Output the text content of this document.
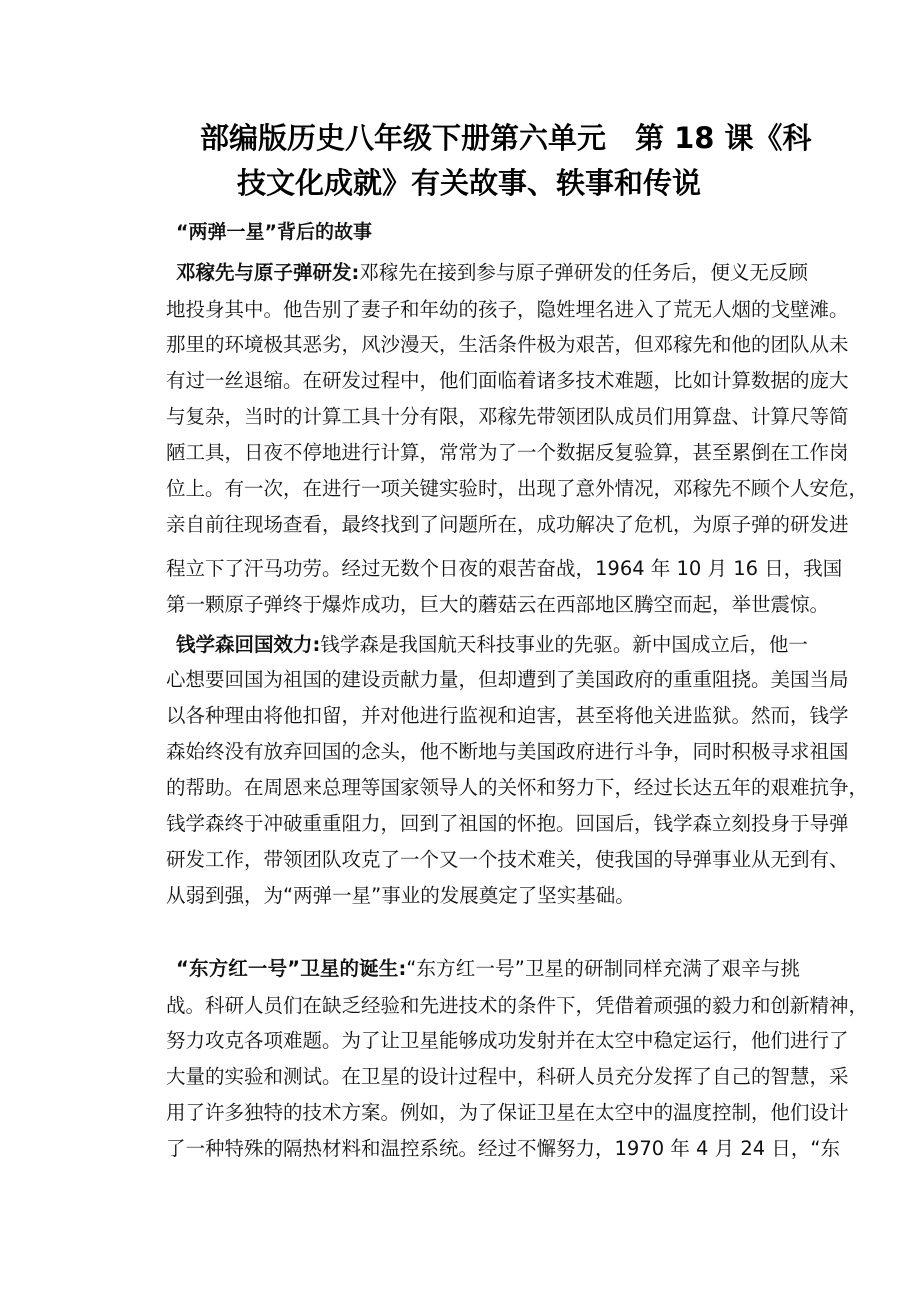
部编版历史八年级下册第六单元　第 18 课《科
技文化成就》有关故事、轶事和传说
“两弹一星”背后的故事
邓稼先与原子弹研发:邓稼先在接到参与原子弹研发的任务后，便义无反顾
地投身其中。他告别了妻子和年幼的孩子，隐姓埋名进入了荒无人烟的戈壁滩。
那里的环境极其恶劣，风沙漫天，生活条件极为艰苦，但邓稼先和他的团队从未
有过一丝退缩。在研发过程中，他们面临着诸多技术难题，比如计算数据的庞大
与复杂，当时的计算工具十分有限，邓稼先带领团队成员们用算盘、计算尺等简
陋工具，日夜不停地进行计算，常常为了一个数据反复验算，甚至累倒在工作岗
位上。有一次，在进行一项关键实验时，出现了意外情况，邓稼先不顾个人安危，
亲自前往现场查看，最终找到了问题所在，成功解决了危机，为原子弹的研发进
程立下了汗马功劳。经过无数个日夜的艰苦奋战，1964 年 10 月 16 日，我国
第一颗原子弹终于爆炸成功，巨大的蘑菇云在西部地区腾空而起，举世震惊。
钱学森回国效力:钱学森是我国航天科技事业的先驱。新中国成立后，他一
心想要回国为祖国的建设贡献力量，但却遭到了美国政府的重重阻挠。美国当局
以各种理由将他扣留，并对他进行监视和迫害，甚至将他关进监狱。然而，钱学
森始终没有放弃回国的念头，他不断地与美国政府进行斗争，同时积极寻求祖国
的帮助。在周恩来总理等国家领导人的关怀和努力下，经过长达五年的艰难抗争，
钱学森终于冲破重重阻力，回到了祖国的怀抱。回国后，钱学森立刻投身于导弹
研发工作，带领团队攻克了一个又一个技术难关，使我国的导弹事业从无到有、
从弱到强，为“两弹一星”事业的发展奠定了坚实基础。
“东方红一号”卫星的诞生:“东方红一号”卫星的研制同样充满了艰辛与挑
战。科研人员们在缺乏经验和先进技术的条件下，凭借着顽强的毅力和创新精神，
努力攻克各项难题。为了让卫星能够成功发射并在太空中稳定运行，他们进行了
大量的实验和测试。在卫星的设计过程中，科研人员充分发挥了自己的智慧，采
用了许多独特的技术方案。例如，为了保证卫星在太空中的温度控制，他们设计
了一种特殊的隔热材料和温控系统。经过不懈努力，1970 年 4 月 24 日，“东
